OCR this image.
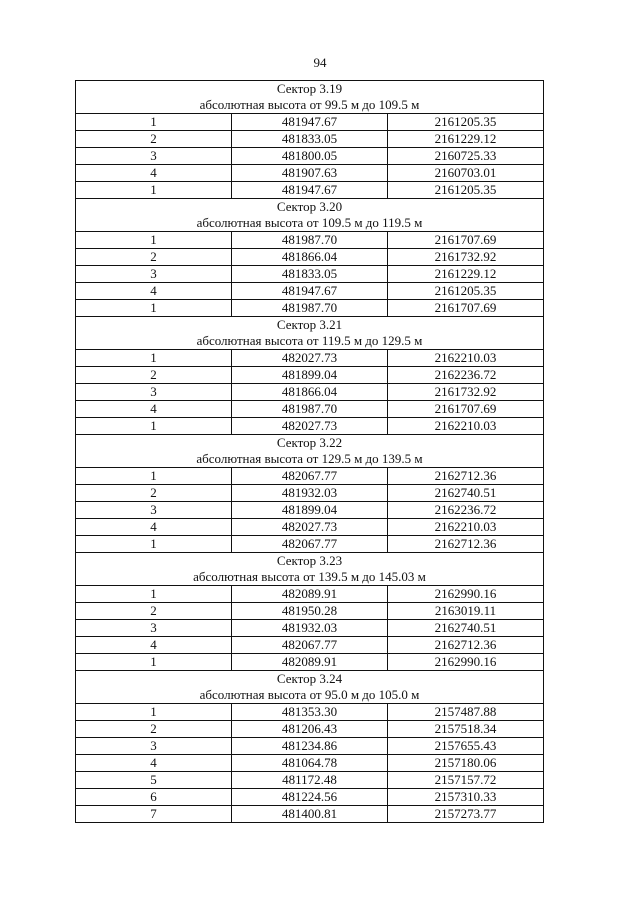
94
Сектор 3.19		
абсолютная высота от 99.5 м до 109.5 м		
1	481947.67	2161205.35
2	481833.05	2161229.12
3	481800.05	2160725.33
4	481907.63	2160703.01
1	481947.67	2161205.35
Сектор 3.20		
абсолютная высота от 109.5 м до 119.5 м		
1	481987.70	2161707.69
2	481866.04	2161732.92
3	481833.05	2161229.12
4	481947.67	2161205.35
1	481987.70	2161707.69
Сектор 3.21		
абсолютная высота от 119.5 м до 129.5 м		
1	482027.73	2162210.03
2	481899.04	2162236.72
3	481866.04	2161732.92
4	481987.70	2161707.69
1	482027.73	2162210.03
Сектор 3.22		
абсолютная высота от 129.5 м до 139.5 м		
1	482067.77	2162712.36
2	481932.03	2162740.51
3	481899.04	2162236.72
4	482027.73	2162210.03
1	482067.77	2162712.36
Сектор 3.23		
абсолютная высота от 139.5 м до 145.03 м		
1	482089.91	2162990.16
2	481950.28	2163019.11
3	481932.03	2162740.51
4	482067.77	2162712.36
1	482089.91	2162990.16
Сектор 3.24		
абсолютная высота от 95.0 м до 105.0 м		
1	481353.30	2157487.88
2	481206.43	2157518.34
3	481234.86	2157655.43
4	481064.78	2157180.06
5	481172.48	2157157.72
6	481224.56	2157310.33
7	481400.81	2157273.77
